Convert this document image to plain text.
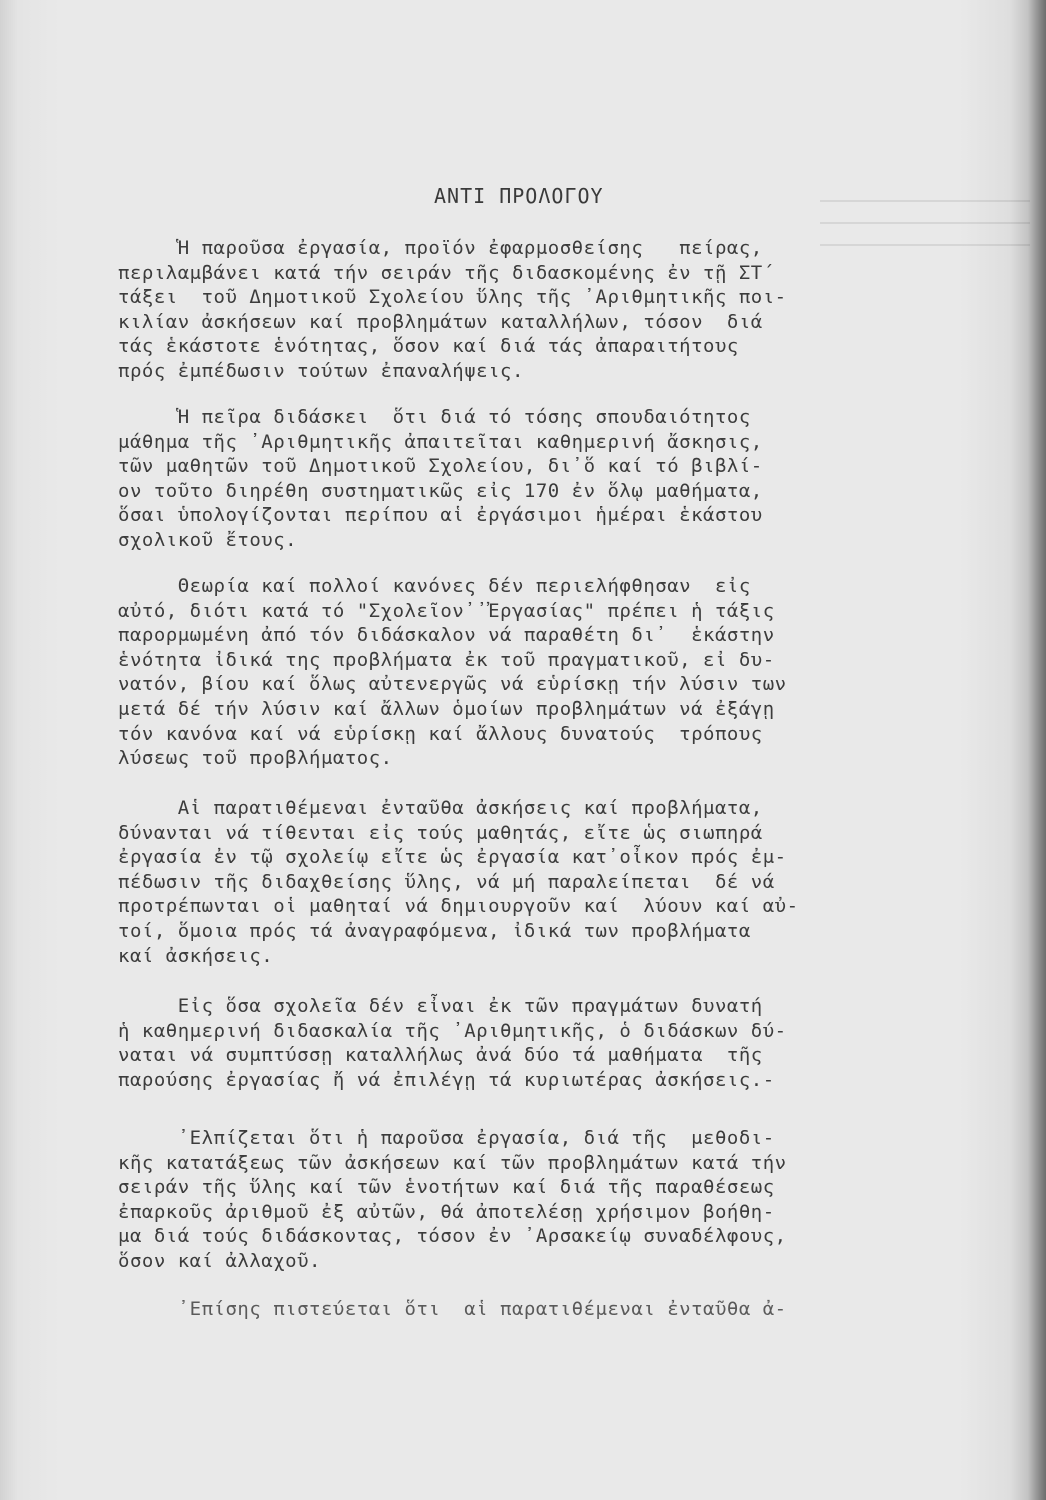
ΑΝΤΙ ΠΡΟΛΟΓΟΥ
Ἡ παροῦσα ἐργασία, προϊόν ἐφαρμοσθείσης   πείρας,
περιλαμβάνει κατά τήν σειράν τῆς διδασκομένης ἐν τῇ ΣΤ΄
τάξει  τοῦ Δημοτικοῦ Σχολείου ὕλης τῆς ᾿Αριθμητικῆς ποι-
κιλίαν ἀσκήσεων καί προβλημάτων καταλλήλων, τόσον  διά
τάς ἑκάστοτε ἑνότητας, ὅσον καί διά τάς ἀπαραιτήτους
πρός ἐμπέδωσιν τούτων ἐπαναλήψεις.
Ἡ πεῖρα διδάσκει  ὅτι διά τό τόσης σπουδαιότητος
μάθημα τῆς ᾿Αριθμητικῆς ἀπαιτεῖται καθημερινή ἄσκησις,
τῶν μαθητῶν τοῦ Δημοτικοῦ Σχολείου, δι᾿ὅ καί τό βιβλί-
ον τοῦτο διηρέθη συστηματικῶς εἰς 170 ἐν ὅλῳ μαθήματα,
ὅσαι ὑπολογίζονται περίπου αἱ ἐργάσιμοι ἡμέραι ἑκάστου
σχολικοῦ ἔτους.
Θεωρία καί πολλοί κανόνες δέν περιελήφθησαν  εἰς
αὐτό, διότι κατά τό "Σχολεῖον᾿᾿Ἐργασίας" πρέπει ἡ τάξις
παρορμωμένη ἀπό τόν διδάσκαλον νά παραθέτη δι᾿  ἑκάστην
ἑνότητα ἰδικά της προβλήματα ἐκ τοῦ πραγματικοῦ, εἰ δυ-
νατόν, βίου καί ὅλως αὐτενεργῶς νά εὑρίσκῃ τήν λύσιν των
μετά δέ τήν λύσιν καί ἄλλων ὁμοίων προβλημάτων νά ἐξάγῃ
τόν κανόνα καί νά εὑρίσκῃ καί ἄλλους δυνατούς  τρόπους
λύσεως τοῦ προβλήματος.
Αἱ παρατιθέμεναι ἐνταῦθα ἀσκήσεις καί προβλήματα,
δύνανται νά τίθενται εἰς τούς μαθητάς, εἴτε ὡς σιωπηρά
ἐργασία ἐν τῷ σχολείῳ εἴτε ὡς ἐργασία κατ᾿οἶκον πρός ἐμ-
πέδωσιν τῆς διδαχθείσης ὕλης, νά μή παραλείπεται  δέ νά
προτρέπωνται οἱ μαθηταί νά δημιουργοῦν καί  λύουν καί αὐ-
τοί, ὅμοια πρός τά ἀναγραφόμενα, ἰδικά των προβλήματα
καί ἀσκήσεις.
Εἰς ὅσα σχολεῖα δέν εἶναι ἐκ τῶν πραγμάτων δυνατή
ἡ καθημερινή διδασκαλία τῆς ᾿Αριθμητικῆς, ὁ διδάσκων δύ-
ναται νά συμπτύσσῃ καταλλήλως ἀνά δύο τά μαθήματα  τῆς
παρούσης ἐργασίας ἤ νά ἐπιλέγῃ τά κυριωτέρας ἀσκήσεις.-
᾿Ελπίζεται ὅτι ἡ παροῦσα ἐργασία, διά τῆς  μεθοδι-
κῆς κατατάξεως τῶν ἀσκήσεων καί τῶν προβλημάτων κατά τήν
σειράν τῆς ὕλης καί τῶν ἑνοτήτων καί διά τῆς παραθέσεως
ἐπαρκοῦς ἀριθμοῦ ἐξ αὐτῶν, θά ἀποτελέσῃ χρήσιμον βοήθη-
μα διά τούς διδάσκοντας, τόσον ἐν ᾿Αρσακείῳ συναδέλφους,
ὅσον καί ἀλλαχοῦ.
᾿Επίσης πιστεύεται ὅτι  αἱ παρατιθέμεναι ἐνταῦθα ἀ-
